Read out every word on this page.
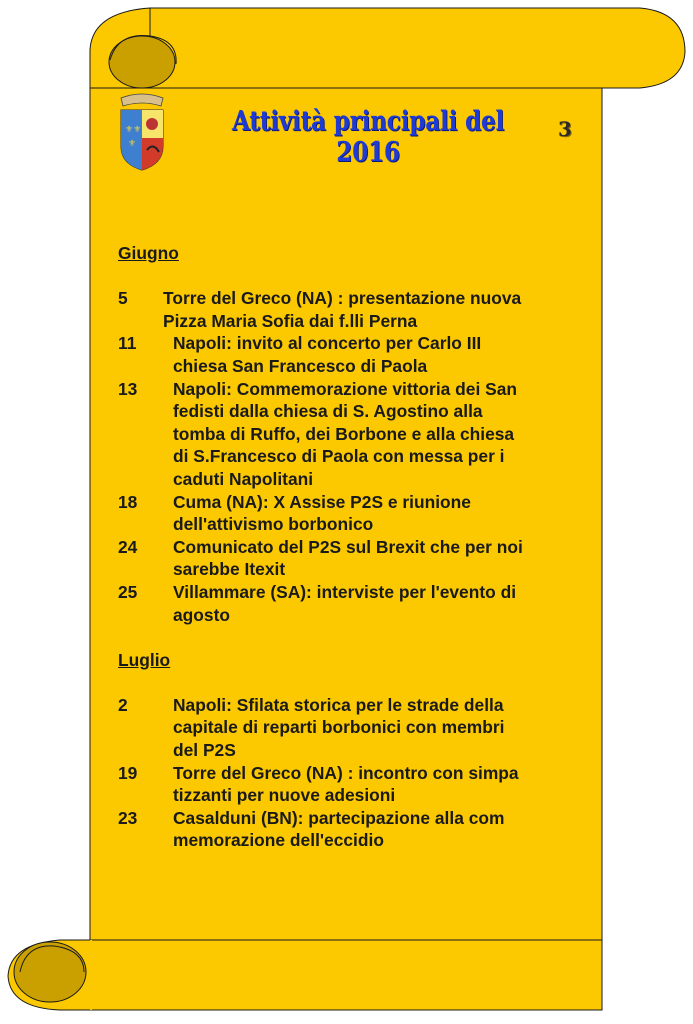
⚜⚜
⚜
Attività principali del 2016
3
Giugno
5	Torre del Greco (NA) : presentazione nuova
Pizza Maria Sofia dai f.lli Perna
11	Napoli: invito al concerto per Carlo III
chiesa San Francesco di Paola
13	Napoli: Commemorazione vittoria dei San
fedisti dalla chiesa di S. Agostino alla
tomba di Ruffo, dei Borbone e alla chiesa
di S.Francesco di Paola con messa per i
caduti Napolitani
18	Cuma (NA): X Assise P2S e riunione
dell'attivismo borbonico
24	Comunicato del P2S sul Brexit che per noi
sarebbe Itexit
25	Villammare (SA): interviste per l'evento di
agosto
Luglio
2	Napoli: Sfilata storica per le strade della
capitale di reparti borbonici con membri
del P2S
19	Torre del Greco (NA) : incontro con simpa
tizzanti per nuove adesioni
23	Casalduni (BN): partecipazione alla com
memorazione dell'eccidio
